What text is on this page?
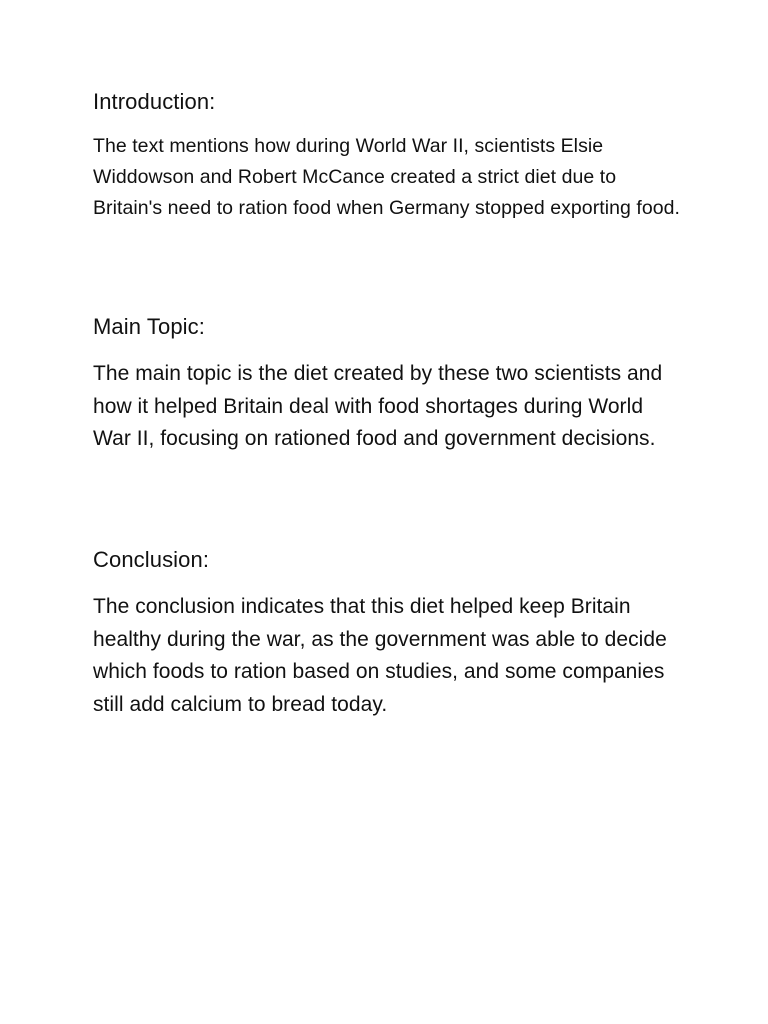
Introduction:

The text mentions how during World War II, scientists Elsie Widdowson and Robert McCance created a strict diet due to Britain's need to ration food when Germany stopped exporting food.

Main Topic:

The main topic is the diet created by these two scientists and how it helped Britain deal with food shortages during World War II, focusing on rationed food and government decisions.

Conclusion:

The conclusion indicates that this diet helped keep Britain healthy during the war, as the government was able to decide which foods to ration based on studies, and some companies still add calcium to bread today.
